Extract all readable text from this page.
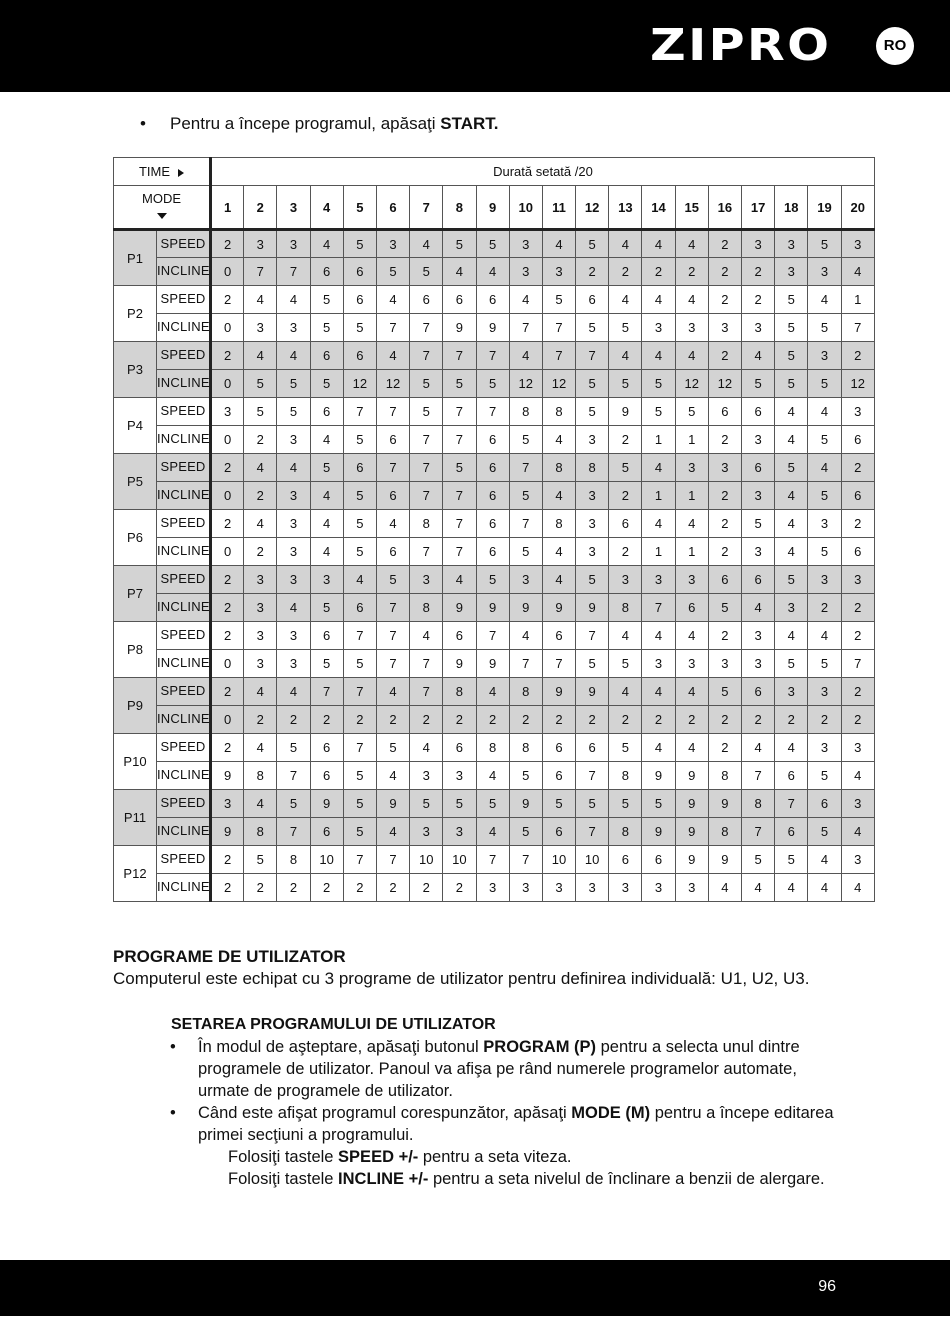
ZIPRO	RO
• Pentru a începe programul, apăsaţi START.
TIME		Durată setată /20																			
MODE		1	2	3	4	5	6	7	8	9	10	11	12	13	14	15	16	17	18	19	20
P1	SPEED	2	3	3	4	5	3	4	5	5	3	4	5	4	4	4	2	3	3	5	3
	INCLINE	0	7	7	6	6	5	5	4	4	3	3	2	2	2	2	2	2	3	3	4
P2	SPEED	2	4	4	5	6	4	6	6	6	4	5	6	4	4	4	2	2	5	4	1
	INCLINE	0	3	3	5	5	7	7	9	9	7	7	5	5	3	3	3	3	5	5	7
P3	SPEED	2	4	4	6	6	4	7	7	7	4	7	7	4	4	4	2	4	5	3	2
	INCLINE	0	5	5	5	12	12	5	5	5	12	12	5	5	5	12	12	5	5	5	12
P4	SPEED	3	5	5	6	7	7	5	7	7	8	8	5	9	5	5	6	6	4	4	3
	INCLINE	0	2	3	4	5	6	7	7	6	5	4	3	2	1	1	2	3	4	5	6
P5	SPEED	2	4	4	5	6	7	7	5	6	7	8	8	5	4	3	3	6	5	4	2
	INCLINE	0	2	3	4	5	6	7	7	6	5	4	3	2	1	1	2	3	4	5	6
P6	SPEED	2	4	3	4	5	4	8	7	6	7	8	3	6	4	4	2	5	4	3	2
	INCLINE	0	2	3	4	5	6	7	7	6	5	4	3	2	1	1	2	3	4	5	6
P7	SPEED	2	3	3	3	4	5	3	4	5	3	4	5	3	3	3	6	6	5	3	3
	INCLINE	2	3	4	5	6	7	8	9	9	9	9	9	8	7	6	5	4	3	2	2
P8	SPEED	2	3	3	6	7	7	4	6	7	4	6	7	4	4	4	2	3	4	4	2
	INCLINE	0	3	3	5	5	7	7	9	9	7	7	5	5	3	3	3	3	5	5	7
P9	SPEED	2	4	4	7	7	4	7	8	4	8	9	9	4	4	4	5	6	3	3	2
	INCLINE	0	2	2	2	2	2	2	2	2	2	2	2	2	2	2	2	2	2	2	2
P10	SPEED	2	4	5	6	7	5	4	6	8	8	6	6	5	4	4	2	4	4	3	3
	INCLINE	9	8	7	6	5	4	3	3	4	5	6	7	8	9	9	8	7	6	5	4
P11	SPEED	3	4	5	9	5	9	5	5	5	9	5	5	5	5	9	9	8	7	6	3
	INCLINE	9	8	7	6	5	4	3	3	4	5	6	7	8	9	9	8	7	6	5	4
P12	SPEED	2	5	8	10	7	7	10	10	7	7	10	10	6	6	9	9	5	5	4	3
	INCLINE	2	2	2	2	2	2	2	2	3	3	3	3	3	3	3	4	4	4	4	4
PROGRAME DE UTILIZATOR

Computerul este echipat cu 3 programe de utilizator pentru definirea individuală: U1, U2, U3.

SETAREA PROGRAMULUI DE UTILIZATOR
• În modul de aşteptare, apăsaţi butonul PROGRAM (P) pentru a selecta unul dintre programele de utilizator. Panoul va afişa pe rând numerele programelor automate, urmate de programele de utilizator.
• Când este afişat programul corespunzător, apăsaţi MODE (M) pentru a începe editarea primei secţiuni a programului.
Folosiţi tastele SPEED +/- pentru a seta viteza.
Folosiţi tastele INCLINE +/- pentru a seta nivelul de înclinare a benzii de alergare.
96
